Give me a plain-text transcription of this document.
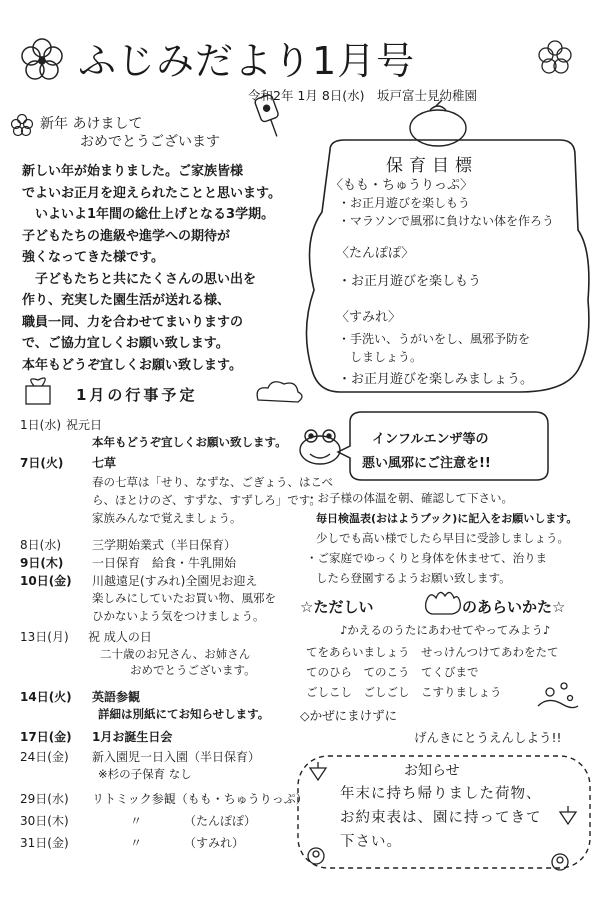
ふじみだより1月号
令和2年 1月 8日(水)　坂戸富士見幼稚園
新年 あけまして
おめでとうございます

新しい年が始まりました。ご家族皆様

でよいお正月を迎えられたことと思います。

　いよいよ1年間の総仕上げとなる3学期。

子どもたちの進級や進学への期待が

強くなってきた様です。

　子どもたちと共にたくさんの思い出を

作り、充実した園生活が送れる様、

職員一同、力を合わせてまいりますの

で、ご協力宜しくお願い致します。

本年もどうぞ宜しくお願い致します。

保育目標
〈もも・ちゅうりっぷ〉
・お正月遊びを楽しもう
・マラソンで風邪に負けない体を作ろう
〈たんぽぽ〉
・お正月遊びを楽しもう
〈すみれ〉
・手洗い、うがいをし、風邪予防を
しましょう。
・お正月遊びを楽しみましょう。
1月の行事予定
1日(水) 祝元日
本年もどうぞ宜しくお願い致します。
7日(火) 七草
春の七草は「せり、なずな、ごぎょう、はこべ
ら、ほとけのざ、すずな、すずしろ」です。
家族みんなで覚えましょう。
8日(水)	三学期始業式（半日保育）
9日(木) 一日保育　給食・牛乳開始
10日(金) 川越遠足(すみれ)全園児お迎え
楽しみにしていたお買い物、風邪を
ひかないよう気をつけましょう。
13日(月) 祝 成人の日
二十歳のお兄さん、お姉さん
おめでとうございます。
14日(火) 英語参観
詳細は別紙にてお知らせします。
17日(金) 1月お誕生日会
24日(金) 新入園児一日入園（半日保育）
※杉の子保育 なし
29日(水) リトミック参観（もも・ちゅうりっぷ）
30日(木)	〃　　　　（たんぽぽ）
31日(金)	〃　　　　（すみれ）
インフルエンザ等の
悪い風邪にご注意を!!
・お子様の体温を朝、確認して下さい。
毎日検温表(おはようブック)に記入をお願いします。
少しでも高い様でしたら早目に受診しましょう。
・ご家庭でゆっくりと身体を休ませて、治りま
したら登園するようお願い致します。
☆ただしい	のあらいかた☆
♪かえるのうたにあわせてやってみよう♪
てをあらいましょう　せっけんつけてあわをたて
てのひら　てのこう　てくびまで
ごしこし　ごしごし　こすりましょう
◇かぜにまけずに
げんきにとうえんしよう!!
お知らせ
年末に持ち帰りました荷物、
お約束表は、園に持ってきて
下さい。
